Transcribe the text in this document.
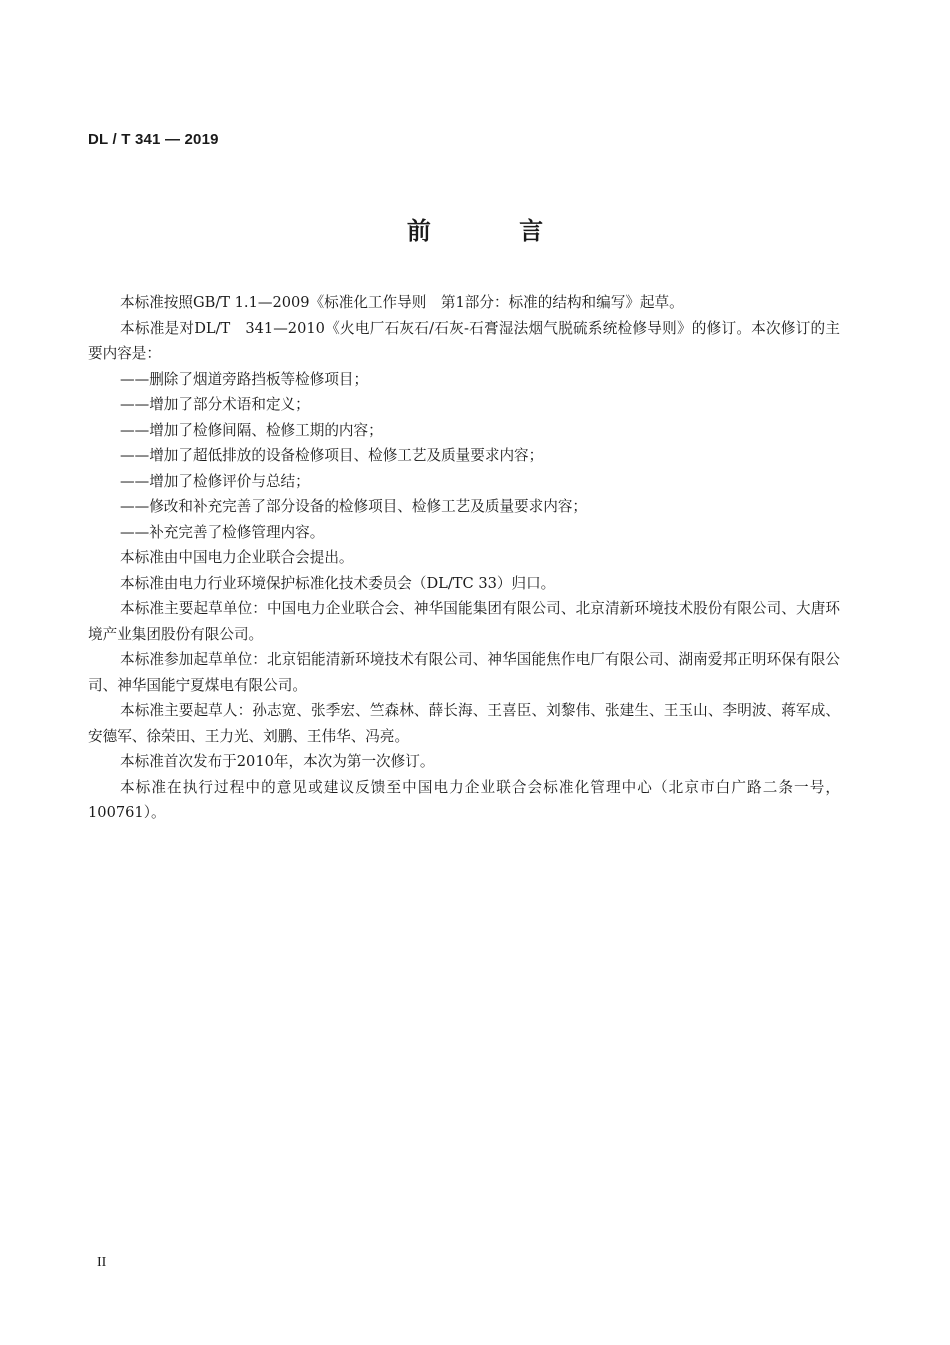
DL / T 341 — 2019
前 言

本标准按照GB/T 1.1—2009《标准化工作导则　第1部分：标准的结构和编写》起草。

本标准是对DL/T　341—2010《火电厂石灰石/石灰-石膏湿法烟气脱硫系统检修导则》的修订。本次修订的主要内容是：

——删除了烟道旁路挡板等检修项目；

——增加了部分术语和定义；

——增加了检修间隔、检修工期的内容；

——增加了超低排放的设备检修项目、检修工艺及质量要求内容；

——增加了检修评价与总结；

——修改和补充完善了部分设备的检修项目、检修工艺及质量要求内容；

——补充完善了检修管理内容。

本标准由中国电力企业联合会提出。

本标准由电力行业环境保护标准化技术委员会（DL/TC 33）归口。

本标准主要起草单位：中国电力企业联合会、神华国能集团有限公司、北京清新环境技术股份有限公司、大唐环境产业集团股份有限公司。

本标准参加起草单位：北京铝能清新环境技术有限公司、神华国能焦作电厂有限公司、湖南爱邦正明环保有限公司、神华国能宁夏煤电有限公司。

本标准主要起草人：孙志宽、张季宏、竺森林、薛长海、王喜臣、刘黎伟、张建生、王玉山、李明波、蒋军成、安德军、徐荣田、王力光、刘鹏、王伟华、冯亮。

本标准首次发布于2010年，本次为第一次修订。

本标准在执行过程中的意见或建议反馈至中国电力企业联合会标准化管理中心（北京市白广路二条一号，100761）。

II
